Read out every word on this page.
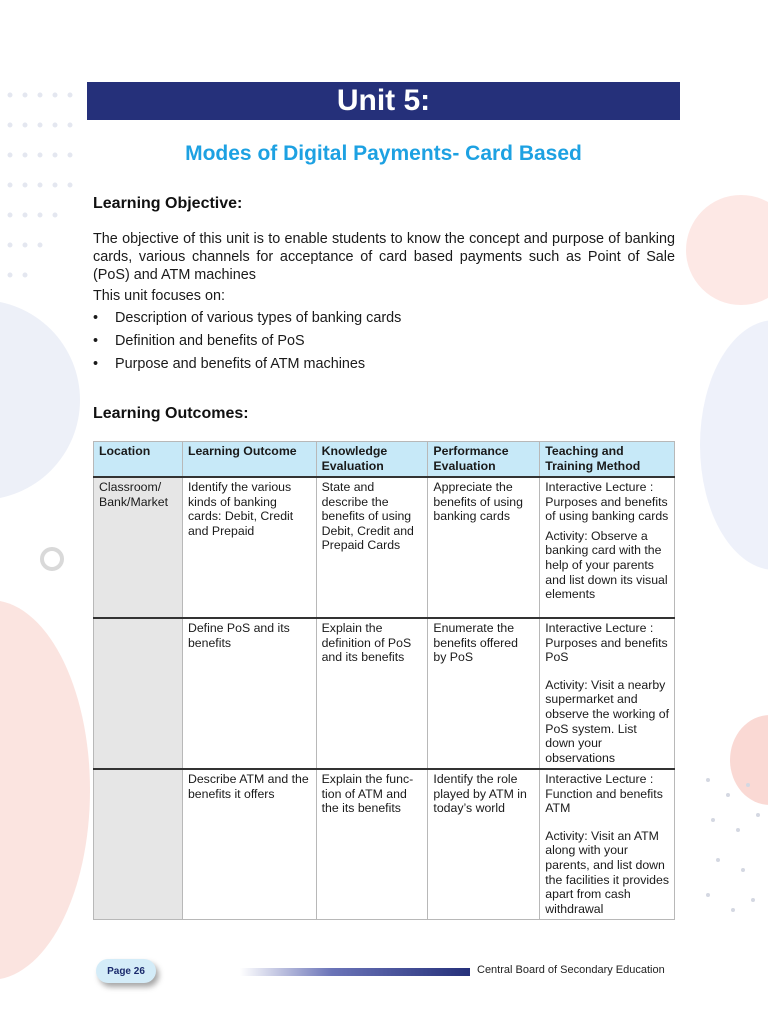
Unit 5:
Modes of Digital Payments- Card Based
Learning Objective:
The objective of this unit is to enable students to know the concept and purpose of banking cards, various channels for acceptance of card based payments such as Point of Sale (PoS) and ATM machines
This unit focuses on:
•	Description of various types of banking cards
•	Definition and benefits of PoS
•	Purpose and benefits of ATM machines
Learning Outcomes:
Location	Learning Outcome	Knowledge Evaluation	Performance Evaluation	Teaching and Training Method
Classroom/ Bank/Market	Identify the various kinds of banking cards: Debit, Credit and Prepaid	State and describe the benefits of using Debit, Credit and Prepaid Cards	Appreciate the benefits of using banking cards	Interactive Lecture : Purposes and benefits of using banking cards
Activity: Observe a banking card with the help of your parents and list down its visual elements

	Define PoS and its benefits	Explain the definition of PoS and its benefits	Enumerate the benefits offered by PoS	Interactive Lecture : Purposes and benefits PoS
Activity: Visit a nearby supermarket and observe the working of PoS system. List down your observations

	Describe ATM and the benefits it offers	Explain the func- tion of ATM and the its benefits	Identify the role played by ATM in today’s world	Interactive Lecture : Function and benefits ATM
Activity: Visit an ATM along with your parents, and list down the facilities it provides apart from cash withdrawal
Page 26	Central Board of Secondary Education
